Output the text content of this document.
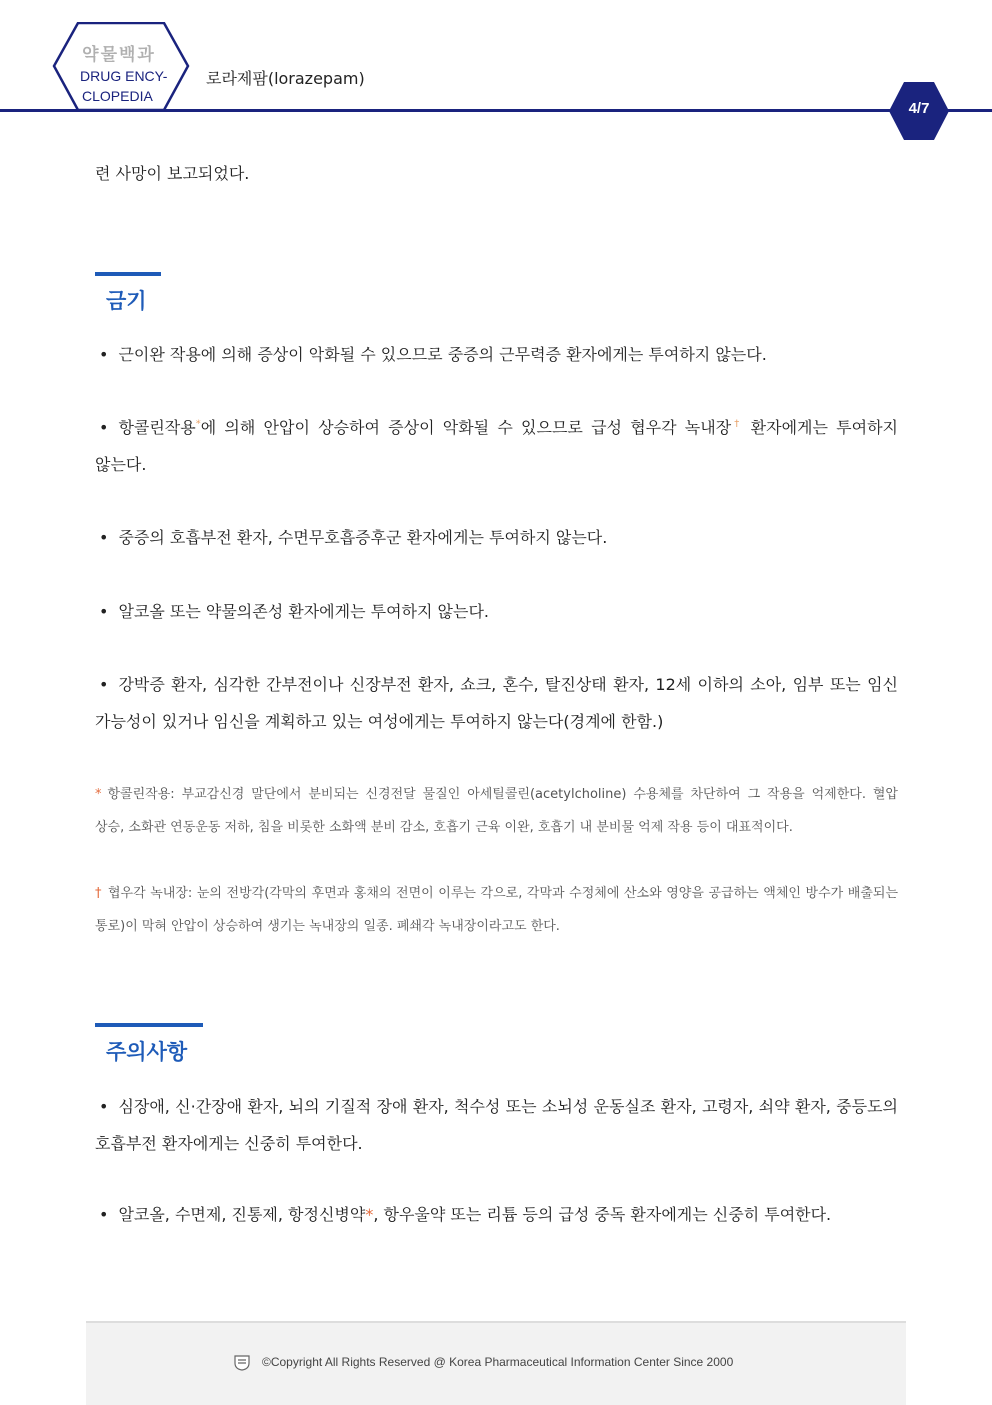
약물백과
DRUG ENCY-
CLOPEDIA
로라제팜(lorazepam)
4/7
련 사망이 보고되었다.
금기
• 근이완 작용에 의해 증상이 악화될 수 있으므로 중증의 근무력증 환자에게는 투여하지 않는다.
• 항콜린작용*에 의해 안압이 상승하여 증상이 악화될 수 있으므로 급성 협우각 녹내장† 환자에게는 투여하지 않는다.
• 중증의 호흡부전 환자, 수면무호흡증후군 환자에게는 투여하지 않는다.
• 알코올 또는 약물의존성 환자에게는 투여하지 않는다.
• 강박증 환자, 심각한 간부전이나 신장부전 환자, 쇼크, 혼수, 탈진상태 환자, 12세 이하의 소아, 임부 또는 임신 가능성이 있거나 임신을 계획하고 있는 여성에게는 투여하지 않는다(경계에 한함.)
* 항콜린작용: 부교감신경 말단에서 분비되는 신경전달 물질인 아세틸콜린(acetylcholine) 수용체를 차단하여 그 작용을 억제한다. 혈압 상승, 소화관 연동운동 저하, 침을 비롯한 소화액 분비 감소, 호흡기 근육 이완, 호흡기 내 분비물 억제 작용 등이 대표적이다.
† 협우각 녹내장: 눈의 전방각(각막의 후면과 홍채의 전면이 이루는 각으로, 각막과 수정체에 산소와 영양을 공급하는 액체인 방수가 배출되는 통로)이 막혀 안압이 상승하여 생기는 녹내장의 일종. 폐쇄각 녹내장이라고도 한다.
주의사항
• 심장애, 신·간장애 환자, 뇌의 기질적 장애 환자, 척수성 또는 소뇌성 운동실조 환자, 고령자, 쇠약 환자, 중등도의 호흡부전 환자에게는 신중히 투여한다.
• 알코올, 수면제, 진통제, 항정신병약*, 항우울약 또는 리튬 등의 급성 중독 환자에게는 신중히 투여한다.
©Copyright All Rights Reserved @ Korea Pharmaceutical Information Center Since 2000
